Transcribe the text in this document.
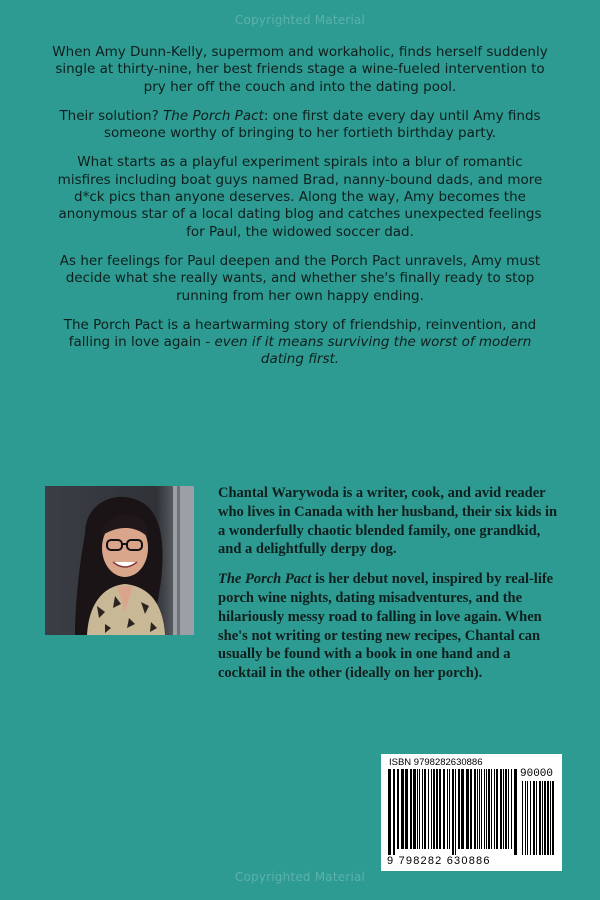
Copyrighted Material

When Amy Dunn-Kelly, supermom and workaholic, finds herself suddenly single at thirty-nine, her best friends stage a wine-fueled intervention to pry her off the couch and into the dating pool.

Their solution? The Porch Pact: one first date every day until Amy finds someone worthy of bringing to her fortieth birthday party.

What starts as a playful experiment spirals into a blur of romantic misfires including boat guys named Brad, nanny-bound dads, and more d*ck pics than anyone deserves. Along the way, Amy becomes the anonymous star of a local dating blog and catches unexpected feelings for Paul, the widowed soccer dad.

As her feelings for Paul deepen and the Porch Pact unravels, Amy must decide what she really wants, and whether she's finally ready to stop running from her own happy ending.

The Porch Pact is a heartwarming story of friendship, reinvention, and falling in love again - even if it means surviving the worst of modern dating first.

Chantal Warywoda is a writer, cook, and avid reader who lives in Canada with her husband, their six kids in a wonderfully chaotic blended family, one grandkid, and a delightfully derpy dog.

The Porch Pact is her debut novel, inspired by real-life porch wine nights, dating misadventures, and the hilariously messy road to falling in love again. When she's not writing or testing new recipes, Chantal can usually be found with a book in one hand and a cocktail in the other (ideally on her porch).

ISBN 9798282630886
90000
9 798282 630886
Copyrighted Material
